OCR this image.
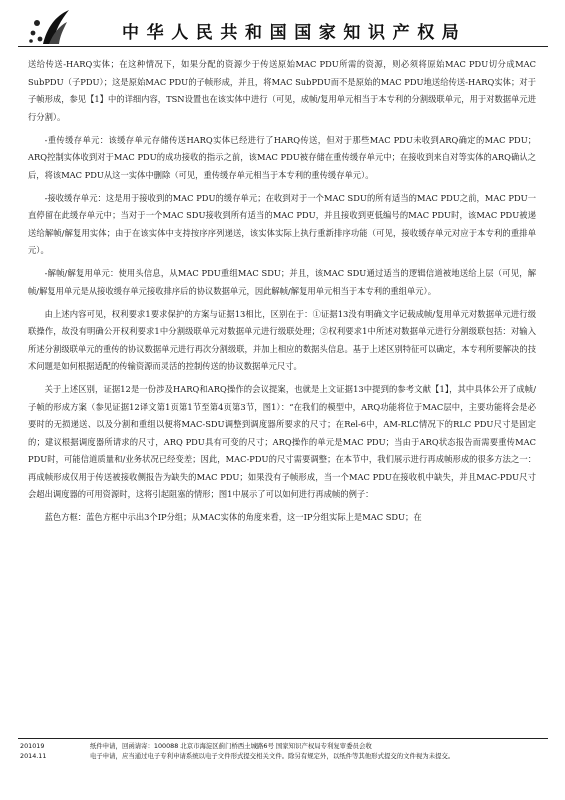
中华人民共和国国家知识产权局

送给传送-HARQ实体；在这种情况下，如果分配的资源少于传送原始MAC PDU所需的资源，则必须将原始MAC PDU切分成MAC SubPDU（子PDU）；这是原始MAC PDU的子帧形成，并且，将MAC SubPDU而不是原始的MAC PDU地送给传送-HARQ实体；对于子帧形成，参见【1】中的详细内容，TSN设置也在该实体中进行（可见，成帧/复用单元相当于本专利的分割级联单元，用于对数据单元进行分割）。

-重传缓存单元：该缓存单元存储传送HARQ实体已经进行了HARQ传送，但对于那些MAC PDU未收到ARQ确定的MAC PDU；ARQ控制实体收到对于MAC PDU的成功接收的指示之前，该MAC PDU被存储在重传缓存单元中；在接收到来自对等实体的ARQ确认之后，将该MAC PDU从这一实体中删除（可见，重传缓存单元相当于本专利的重传缓存单元）。

-接收缓存单元：这是用于接收到的MAC PDU的缓存单元；在收到对于一个MAC SDU的所有适当的MAC PDU之前，MAC PDU一直停留在此缓存单元中；当对于一个MAC SDU接收到所有适当的MAC PDU，并且接收到更低编号的MAC PDU时，该MAC PDU被递送给解帧/解复用实体；由于在该实体中支持按序序列递送，该实体实际上执行重新排序功能（可见，接收缓存单元对应于本专利的重排单元）。

-解帧/解复用单元：使用头信息，从MAC PDU重组MAC SDU；并且，该MAC SDU通过适当的逻辑信道被地送给上层（可见，解帧/解复用单元是从接收缓存单元接收排序后的协议数据单元，因此解帧/解复用单元相当于本专利的重组单元）。

由上述内容可见，权利要求1要求保护的方案与证据13相比，区别在于：①证据13没有明确文字记载成帧/复用单元对数据单元进行级联操作，故没有明确公开权利要求1中分割级联单元对数据单元进行级联处理；②权利要求1中所述对数据单元进行分割级联包括：对输入所述分割级联单元的重传的协议数据单元进行再次分割级联，并加上相应的数据头信息。基于上述区别特征可以确定，本专利所要解决的技术问题是如何根据适配的传输资源而灵活的控制传送的协议数据单元尺寸。

关于上述区别，证据12是一份涉及HARQ和ARQ操作的会议提案，也就是上文证据13中提到的参考文献【1】，其中具体公开了成帧/子帧的形成方案（参见证据12译文第1页第1节至第4页第3节，图1）：“在我们的模型中，ARQ功能将位于MAC层中，主要功能将会是必要时的无损递送、以及分割和重组以便将MAC-SDU调整到调度器所要求的尺寸；在Rel-6中，AM-RLC情况下的RLC PDU尺寸是固定的；建议根据调度器所请求的尺寸，ARQ PDU具有可变的尺寸；ARQ操作的单元是MAC PDU；当由于ARQ状态报告而需要重传MAC PDU时，可能信道质量和/业务状况已经变差；因此，MAC-PDU的尺寸需要调整；在本节中，我们展示进行再成帧形成的很多方法之一：再成帧形成仅用于传送被接收侧报告为缺失的MAC PDU；如果没有子帧形成，当一个MAC PDU在接收机中缺失，并且MAC-PDU尺寸会超出调度器的可用资源时，这将引起阻塞的情形；图1中展示了可以如何进行再成帧的例子：

蓝色方框：蓝色方框中示出3个IP分组；从MAC实体的角度来看，这一IP分组实际上是MAC SDU；在

201019	纸件申请，回函请寄：100088 北京市海淀区蓟门桥西土城路6号 国家知识产权局专利复审委员会收
2014.11	电子申请，应当通过电子专利申请系统以电子文件形式提交相关文件。除另有规定外，以纸件等其他形式提交的文件视为未提交。
